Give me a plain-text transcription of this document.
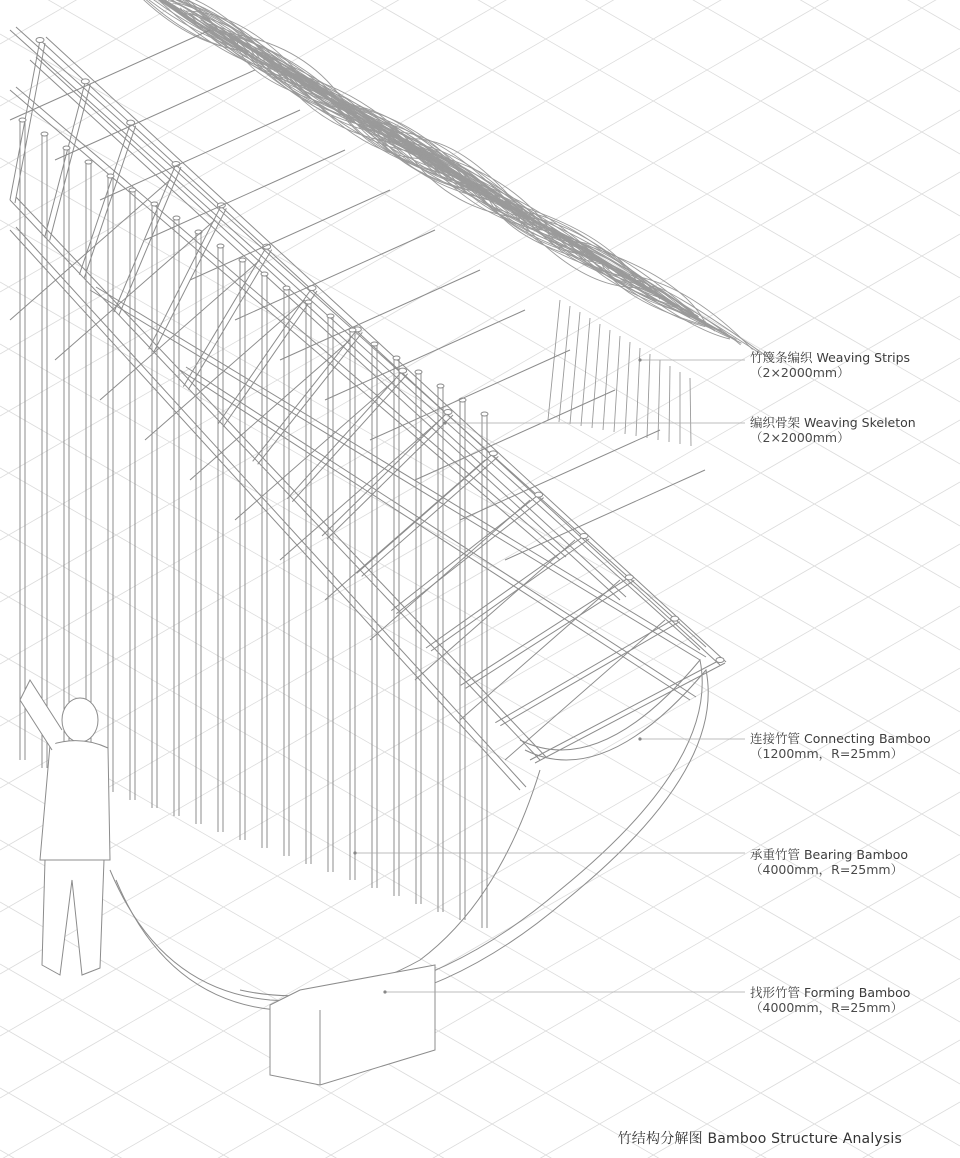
竹篾条编织 Weaving Strips
（2×2000mm）
编织骨架 Weaving Skeleton
（2×2000mm）
连接竹管 Connecting Bamboo
（1200mm，R=25mm）
承重竹管 Bearing Bamboo
（4000mm，R=25mm）
找形竹管 Forming Bamboo
（4000mm，R=25mm）
竹结构分解图 Bamboo Structure Analysis
